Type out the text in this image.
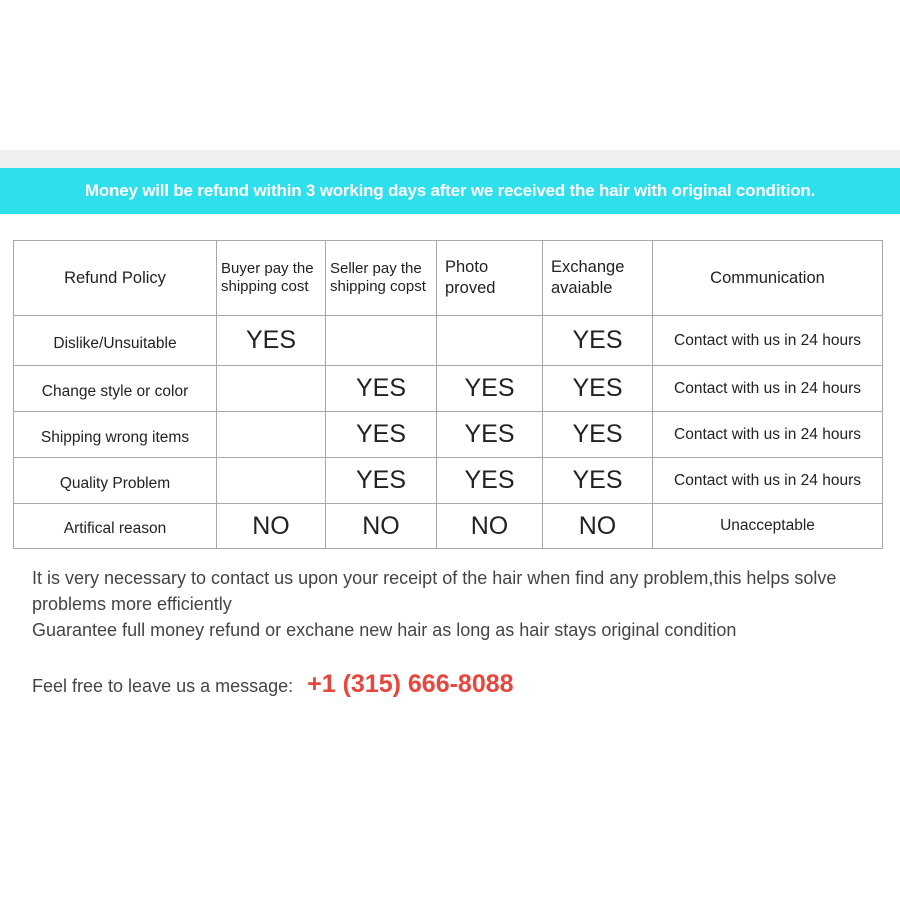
Money will be refund within 3 working days after we received the hair with original condition.
Refund Policy	Buyer pay the shipping cost	Seller pay the shipping copst	Photo proved	Exchange avaiable	Communication
Dislike/Unsuitable	YES			YES	Contact with us in 24 hours
Change style or color		YES	YES	YES	Contact with us in 24 hours
Shipping wrong items		YES	YES	YES	Contact with us in 24 hours
Quality Problem		YES	YES	YES	Contact with us in 24 hours
Artifical reason	NO	NO	NO	NO	Unacceptable

It is very necessary to contact us upon your receipt of the hair when find any problem,this helps solve problems more efficiently

Guarantee full money refund or exchane new hair as long as hair stays original condition

Feel free to leave us a message: +1 (315) 666-8088
